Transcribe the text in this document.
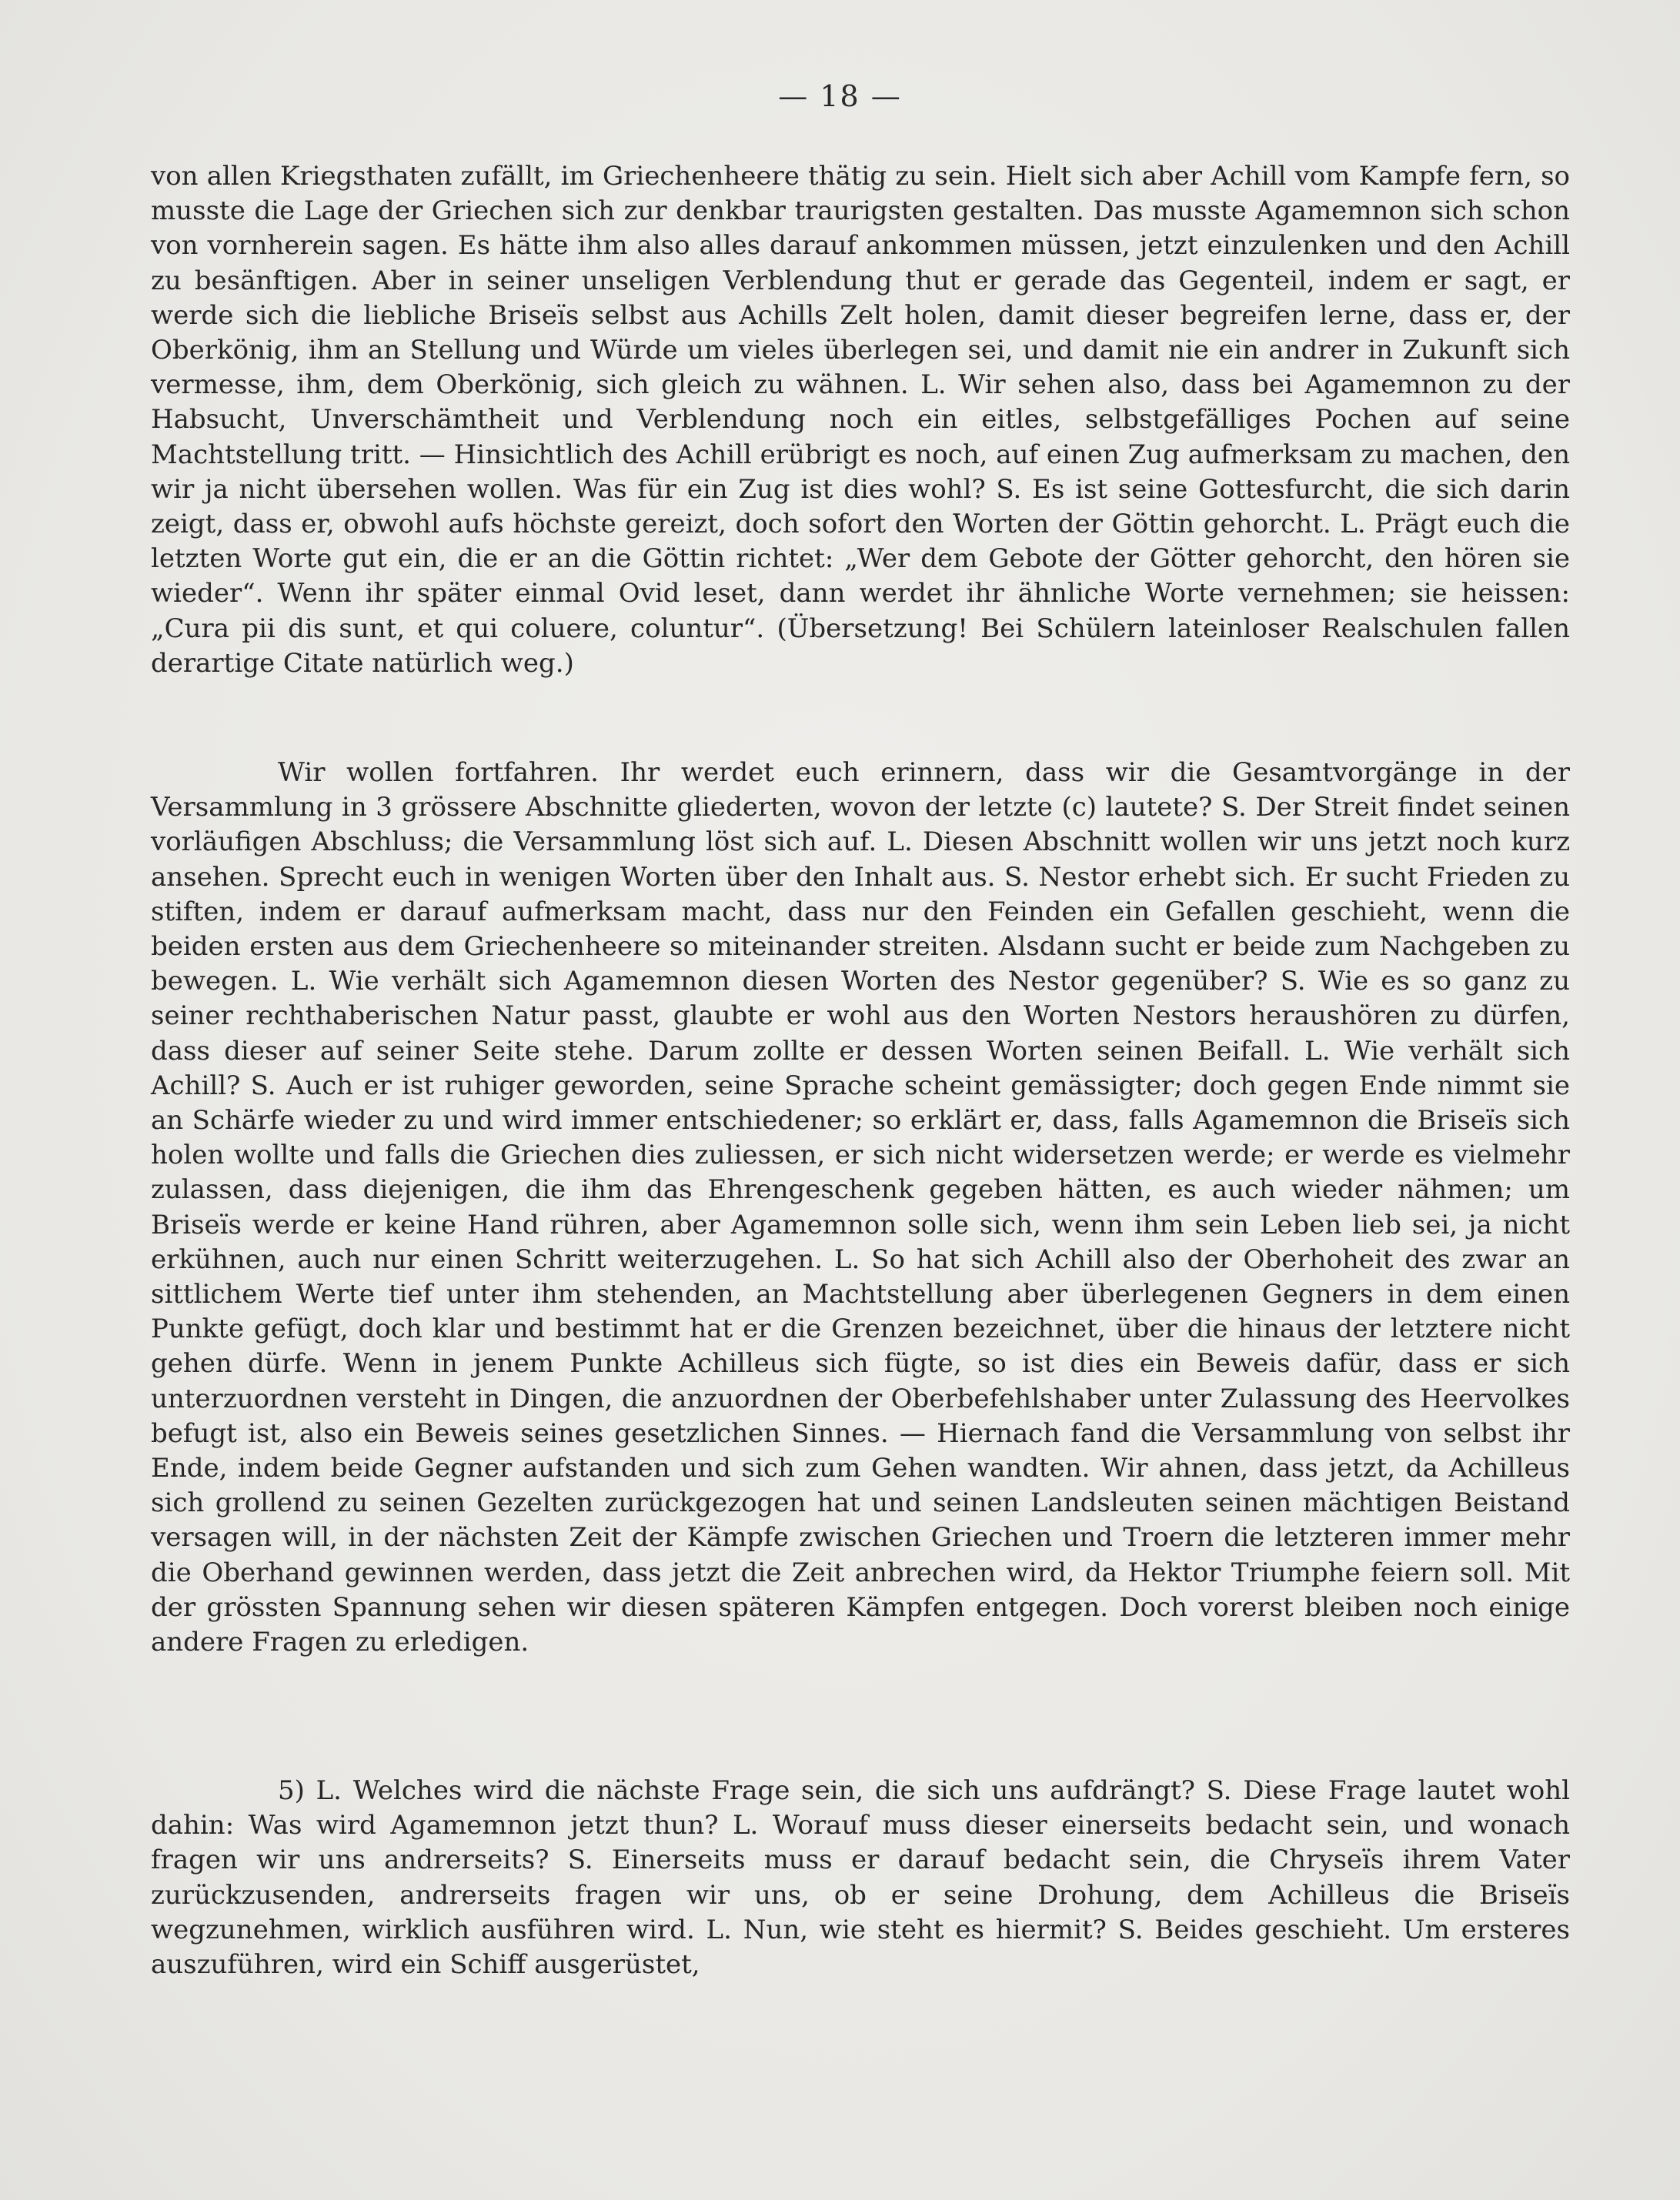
— 18 —

von allen Kriegsthaten zufällt, im Griechenheere thätig zu sein. Hielt sich aber Achill vom Kampfe fern, so musste die Lage der Griechen sich zur denkbar traurigsten gestalten. Das musste Agamemnon sich schon von vornherein sagen. Es hätte ihm also alles darauf ankommen müssen, jetzt einzulenken und den Achill zu besänftigen. Aber in seiner unseligen Verblendung thut er gerade das Gegenteil, indem er sagt, er werde sich die liebliche Briseïs selbst aus Achills Zelt holen, damit dieser begreifen lerne, dass er, der Oberkönig, ihm an Stellung und Würde um vieles überlegen sei, und damit nie ein andrer in Zukunft sich vermesse, ihm, dem Oberkönig, sich gleich zu wähnen. L. Wir sehen also, dass bei Agamemnon zu der Habsucht, Unverschämtheit und Verblendung noch ein eitles, selbstgefälliges Pochen auf seine Machtstellung tritt. — Hinsichtlich des Achill erübrigt es noch, auf einen Zug aufmerksam zu machen, den wir ja nicht übersehen wollen. Was für ein Zug ist dies wohl? S. Es ist seine Gottesfurcht, die sich darin zeigt, dass er, obwohl aufs höchste gereizt, doch sofort den Worten der Göttin gehorcht. L. Prägt euch die letzten Worte gut ein, die er an die Göttin richtet: „Wer dem Gebote der Götter gehorcht, den hören sie wieder“. Wenn ihr später einmal Ovid leset, dann werdet ihr ähnliche Worte vernehmen; sie heissen: „Cura pii dis sunt, et qui coluere, coluntur“. (Übersetzung! Bei Schülern lateinloser Realschulen fallen derartige Citate natürlich weg.)

Wir wollen fortfahren. Ihr werdet euch erinnern, dass wir die Gesamtvorgänge in der Versammlung in 3 grössere Abschnitte gliederten, wovon der letzte (c) lautete? S. Der Streit findet seinen vorläufigen Abschluss; die Versammlung löst sich auf. L. Diesen Abschnitt wollen wir uns jetzt noch kurz ansehen. Sprecht euch in wenigen Worten über den Inhalt aus. S. Nestor erhebt sich. Er sucht Frieden zu stiften, indem er darauf aufmerksam macht, dass nur den Feinden ein Gefallen geschieht, wenn die beiden ersten aus dem Griechenheere so miteinander streiten. Alsdann sucht er beide zum Nachgeben zu bewegen. L. Wie verhält sich Agamemnon diesen Worten des Nestor gegenüber? S. Wie es so ganz zu seiner rechthaberischen Natur passt, glaubte er wohl aus den Worten Nestors heraushören zu dürfen, dass dieser auf seiner Seite stehe. Darum zollte er dessen Worten seinen Beifall. L. Wie verhält sich Achill? S. Auch er ist ruhiger geworden, seine Sprache scheint gemässigter; doch gegen Ende nimmt sie an Schärfe wieder zu und wird immer entschiedener; so erklärt er, dass, falls Agamemnon die Briseïs sich holen wollte und falls die Griechen dies zuliessen, er sich nicht widersetzen werde; er werde es vielmehr zulassen, dass diejenigen, die ihm das Ehrengeschenk gegeben hätten, es auch wieder nähmen; um Briseïs werde er keine Hand rühren, aber Agamemnon solle sich, wenn ihm sein Leben lieb sei, ja nicht erkühnen, auch nur einen Schritt weiterzugehen. L. So hat sich Achill also der Oberhoheit des zwar an sittlichem Werte tief unter ihm stehenden, an Machtstellung aber überlegenen Gegners in dem einen Punkte gefügt, doch klar und bestimmt hat er die Grenzen bezeichnet, über die hinaus der letztere nicht gehen dürfe. Wenn in jenem Punkte Achilleus sich fügte, so ist dies ein Beweis dafür, dass er sich unterzuordnen versteht in Dingen, die anzuordnen der Oberbefehlshaber unter Zulassung des Heervolkes befugt ist, also ein Beweis seines gesetzlichen Sinnes. — Hiernach fand die Versammlung von selbst ihr Ende, indem beide Gegner aufstanden und sich zum Gehen wandten. Wir ahnen, dass jetzt, da Achilleus sich grollend zu seinen Gezelten zurückgezogen hat und seinen Landsleuten seinen mächtigen Beistand versagen will, in der nächsten Zeit der Kämpfe zwischen Griechen und Troern die letzteren immer mehr die Oberhand gewinnen werden, dass jetzt die Zeit anbrechen wird, da Hektor Triumphe feiern soll. Mit der grössten Spannung sehen wir diesen späteren Kämpfen entgegen. Doch vorerst bleiben noch einige andere Fragen zu erledigen.

5) L. Welches wird die nächste Frage sein, die sich uns aufdrängt? S. Diese Frage lautet wohl dahin: Was wird Agamemnon jetzt thun? L. Worauf muss dieser einerseits bedacht sein, und wonach fragen wir uns andrerseits? S. Einerseits muss er darauf bedacht sein, die Chryseïs ihrem Vater zurückzusenden, andrerseits fragen wir uns, ob er seine Drohung, dem Achilleus die Briseïs wegzunehmen, wirklich ausführen wird. L. Nun, wie steht es hiermit? S. Beides geschieht. Um ersteres auszuführen, wird ein Schiff ausgerüstet,
